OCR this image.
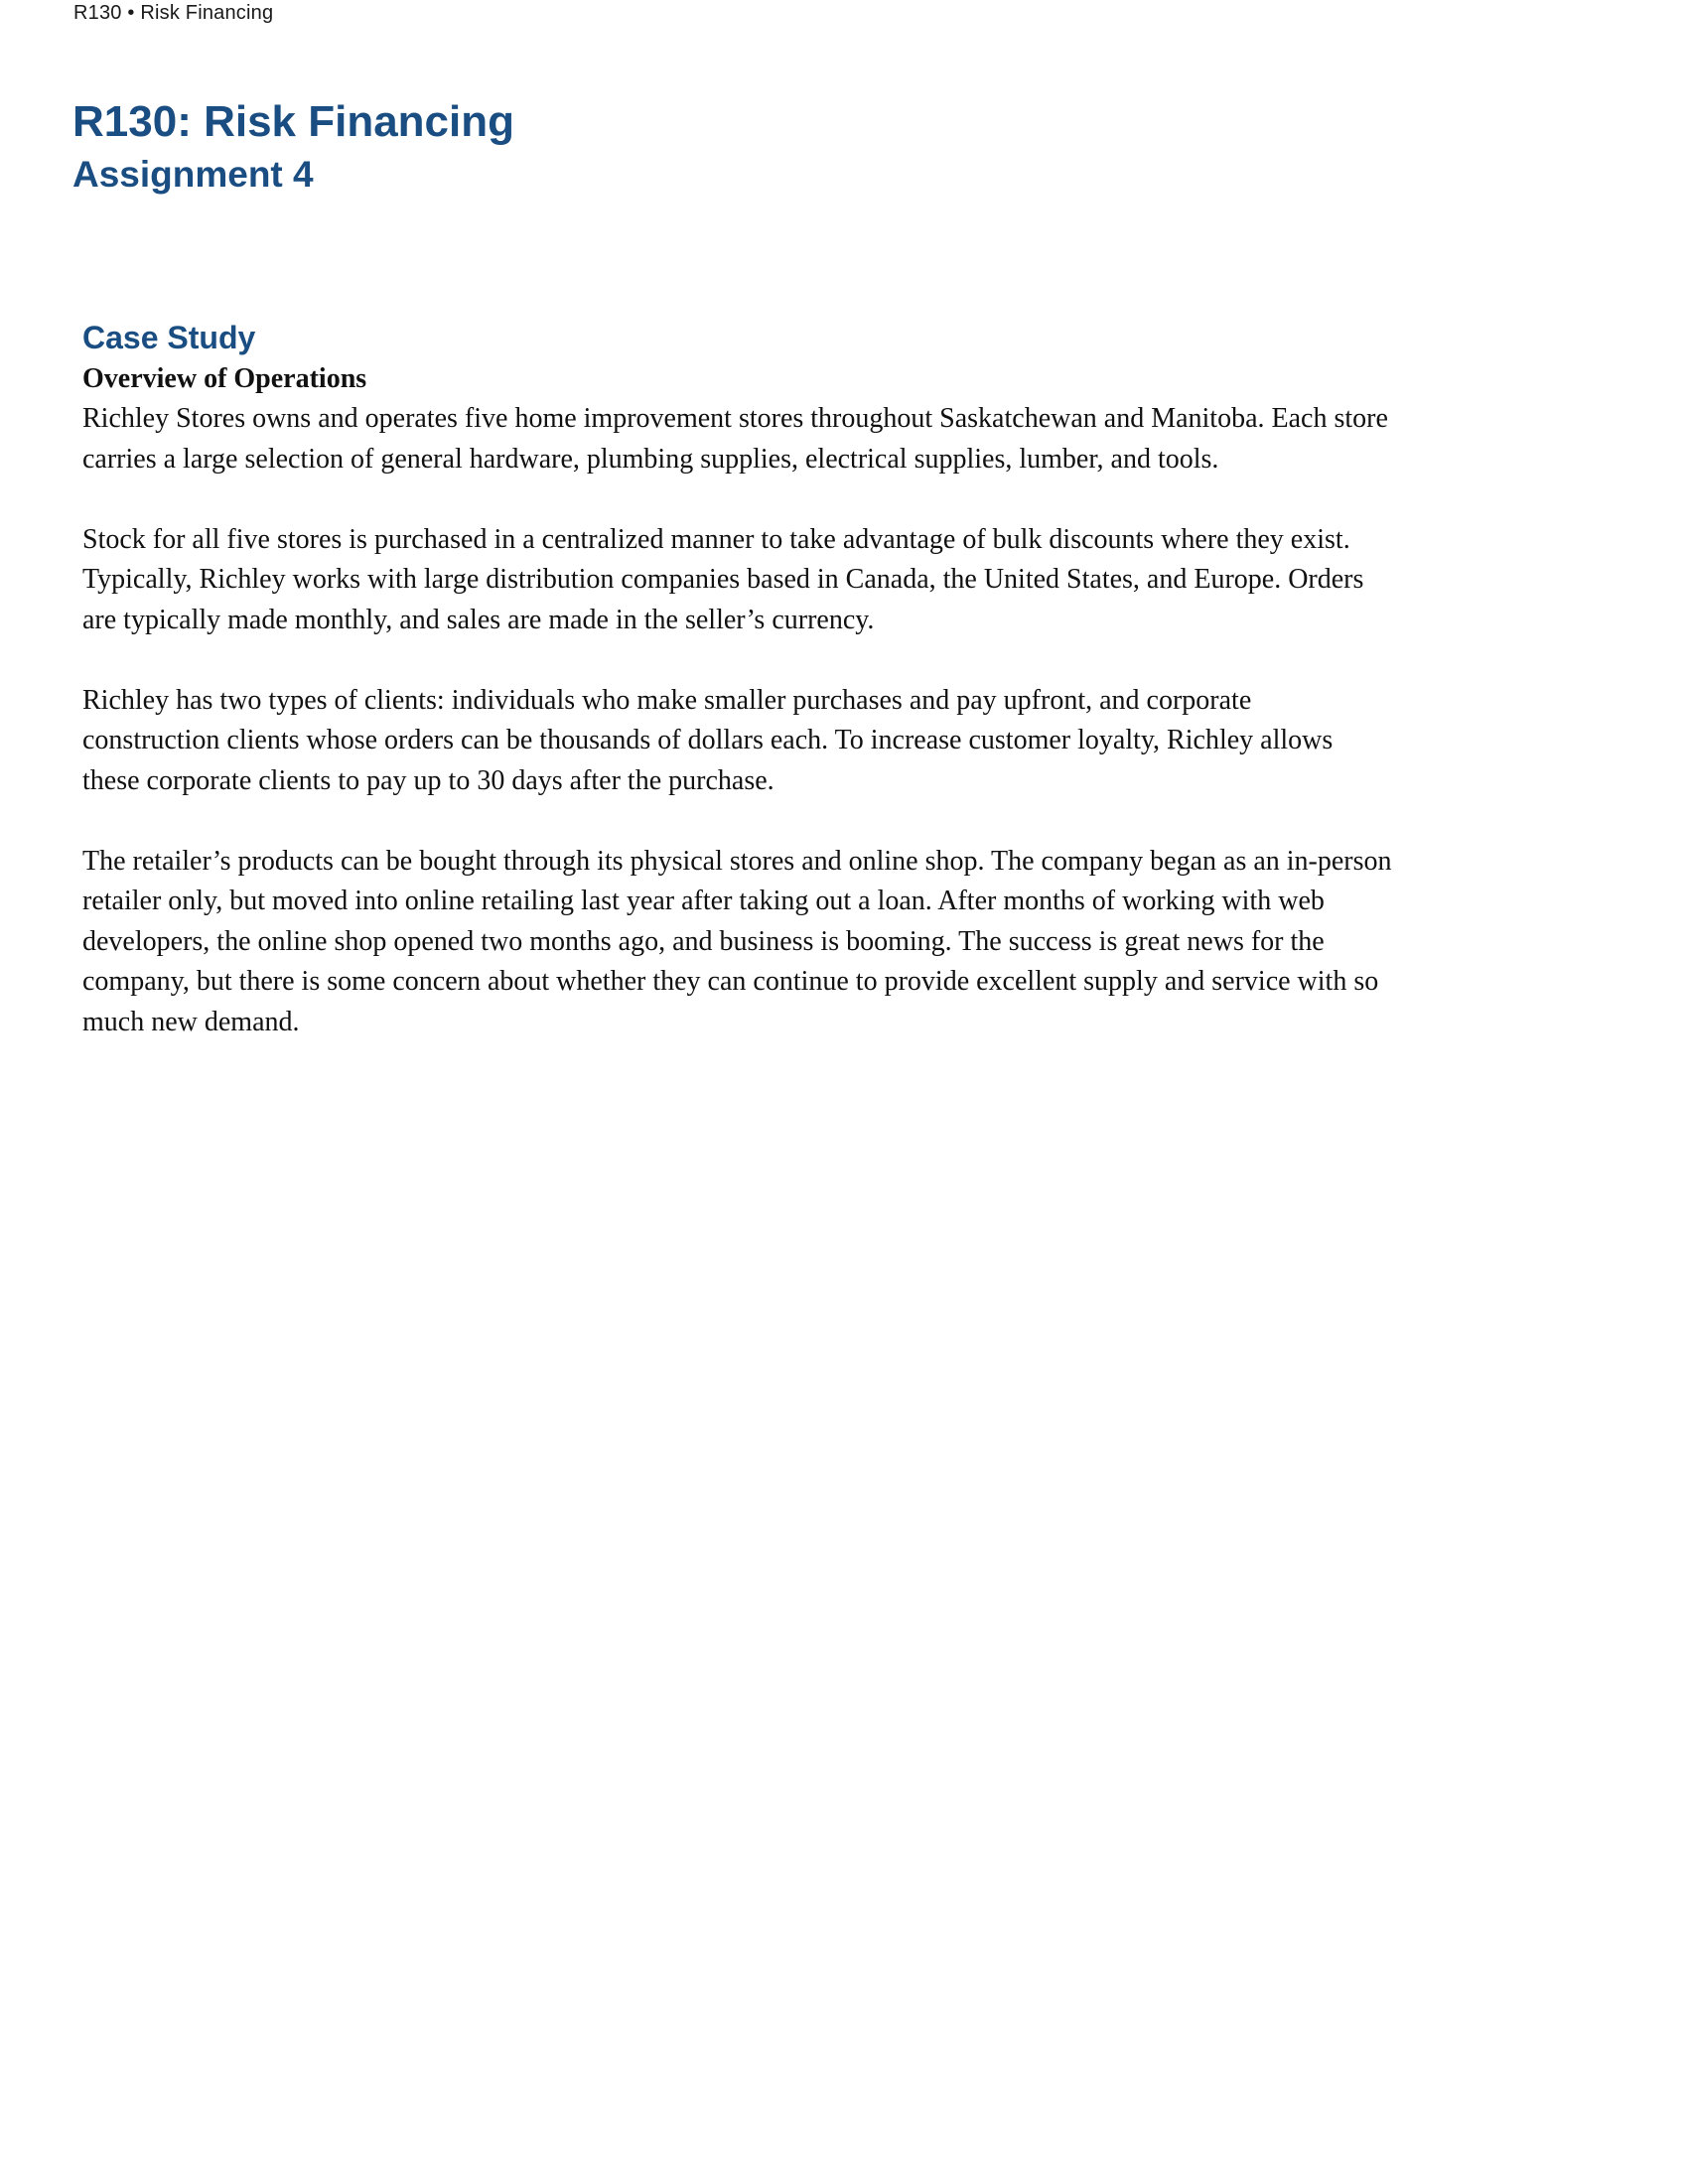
R130 • Risk Financing
R130: Risk Financing
Assignment 4
Case Study
Overview of Operations

Richley Stores owns and operates five home improvement stores throughout Saskatchewan and Manitoba. Each store carries a large selection of general hardware, plumbing supplies, electrical supplies, lumber, and tools.

Stock for all five stores is purchased in a centralized manner to take advantage of bulk discounts where they exist. Typically, Richley works with large distribution companies based in Canada, the United States, and Europe. Orders are typically made monthly, and sales are made in the seller’s currency.

Richley has two types of clients: individuals who make smaller purchases and pay upfront, and corporate construction clients whose orders can be thousands of dollars each. To increase customer loyalty, Richley allows these corporate clients to pay up to 30 days after the purchase.

The retailer’s products can be bought through its physical stores and online shop. The company began as an in-person retailer only, but moved into online retailing last year after taking out a loan. After months of working with web developers, the online shop opened two months ago, and business is booming. The success is great news for the company, but there is some concern about whether they can continue to provide excellent supply and service with so much new demand.
